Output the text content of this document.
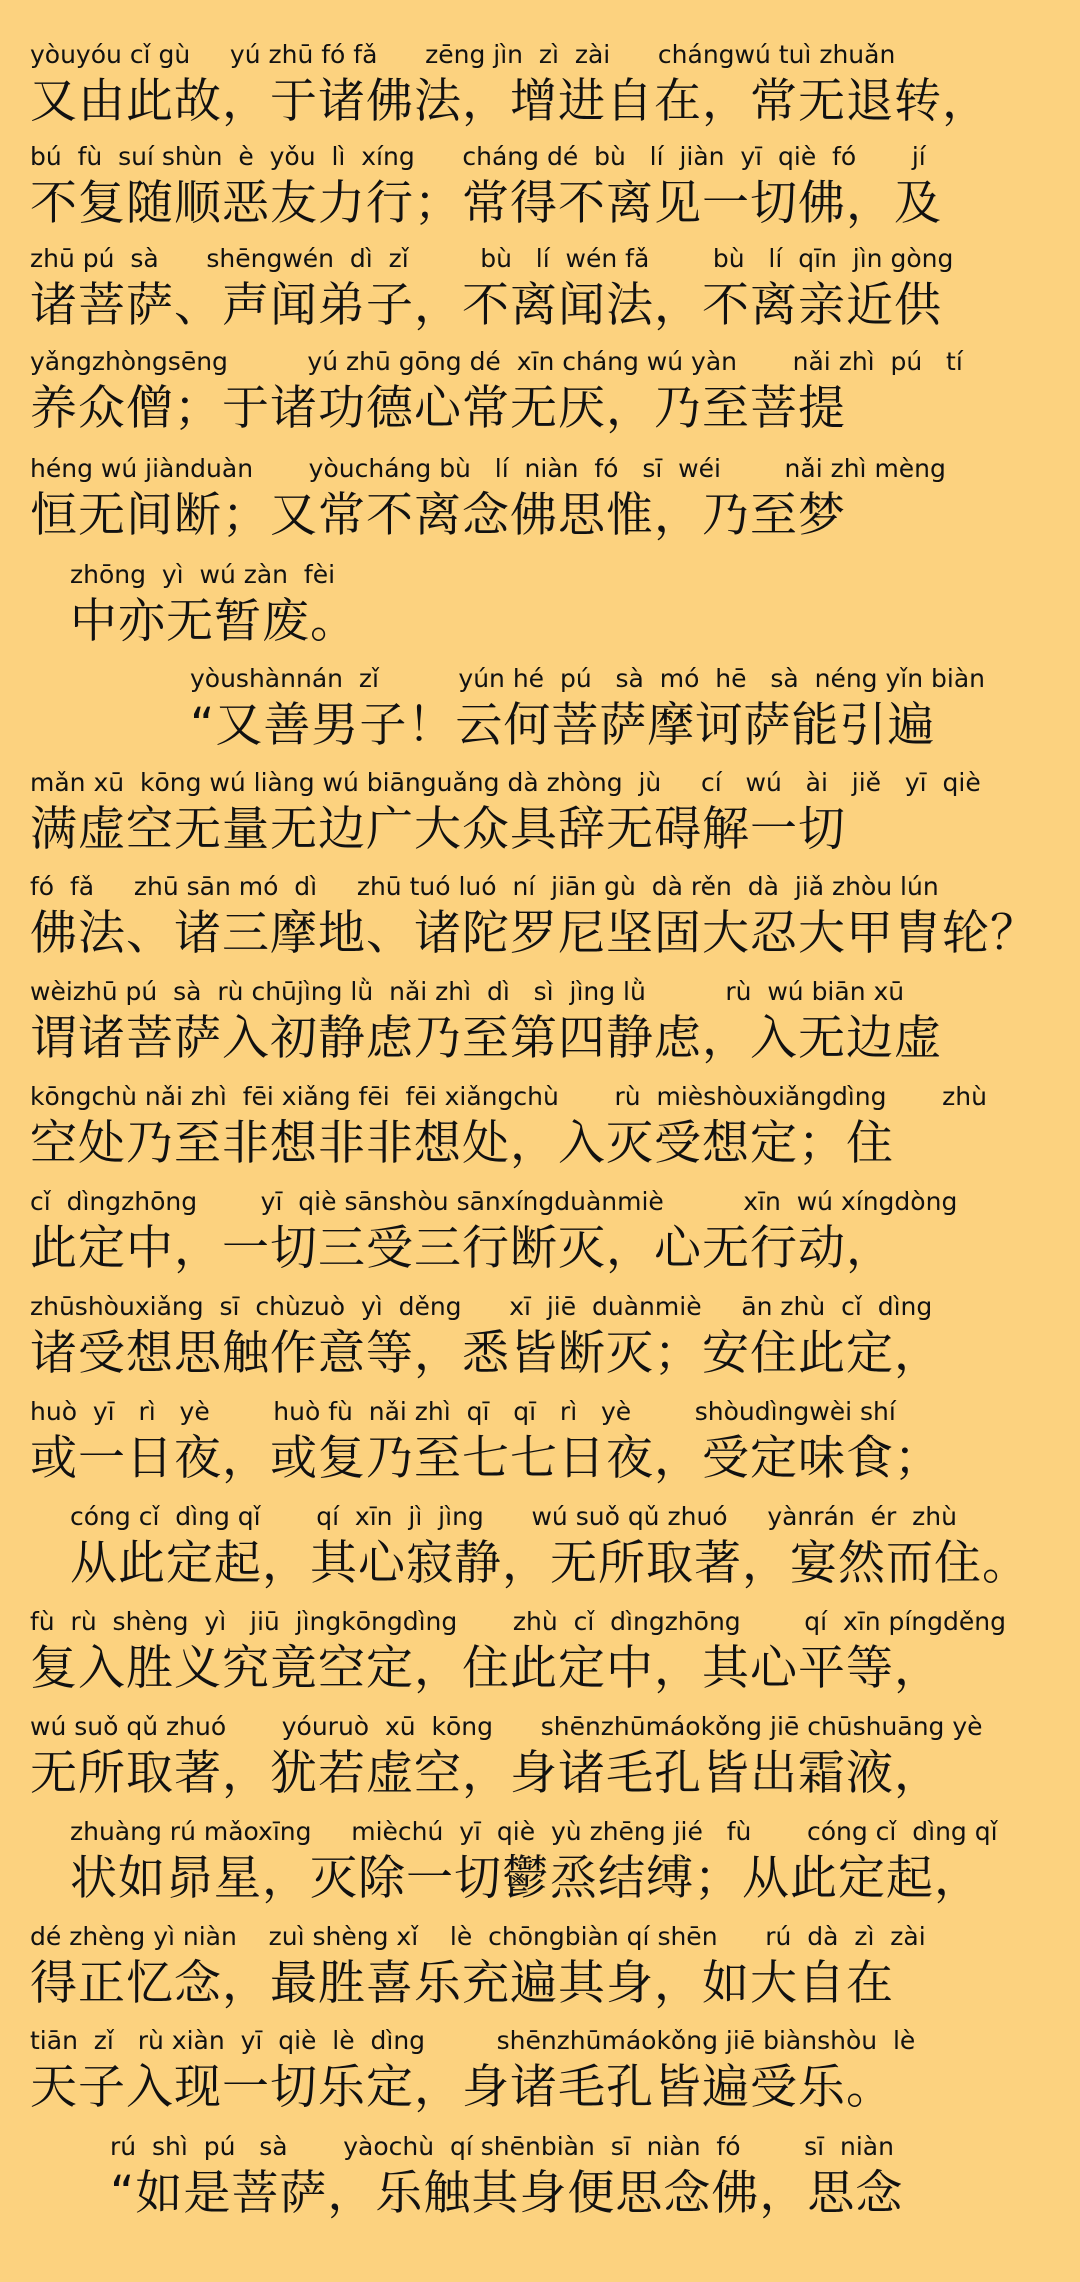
yòuyóu cǐ gù     yú zhū fó fǎ      zēng jìn  zì  zài      chángwú tuì zhuǎn
又由此故，于诸佛法，增进自在，常无退转，
bú  fù  suí shùn  è  yǒu  lì  xíng      cháng dé  bù   lí  jiàn  yī  qiè  fó       jí
不复随顺恶友力行；常得不离见一切佛，及
zhū pú  sà      shēngwén  dì  zǐ         bù   lí  wén fǎ        bù   lí  qīn  jìn gòng
诸菩萨、声闻弟子，不离闻法，不离亲近供
yǎngzhòngsēng          yú zhū gōng dé  xīn cháng wú yàn       nǎi zhì  pú   tí
养众僧；于诸功德心常无厌，乃至菩提
héng wú jiànduàn       yòucháng bù   lí  niàn  fó   sī  wéi        nǎi zhì mèng
恒无间断；又常不离念佛思惟，乃至梦
zhōng  yì  wú zàn  fèi
中亦无暂废。
yòushànnán  zǐ          yún hé  pú   sà  mó  hē   sà  néng yǐn biàn
“又善男子！云何菩萨摩诃萨能引遍
mǎn xū  kōng wú liàng wú biānguǎng dà zhòng  jù     cí   wú   ài   jiě   yī  qiè
满虚空无量无边广大众具辞无碍解一切
fó  fǎ     zhū sān mó  dì     zhū tuó luó  ní  jiān gù  dà rěn  dà  jiǎ zhòu lún
佛法、诸三摩地、诸陀罗尼坚固大忍大甲胄轮？
wèizhū pú  sà  rù chūjìng lǜ  nǎi zhì  dì   sì  jìng lǜ          rù  wú biān xū
谓诸菩萨入初静虑乃至第四静虑，入无边虚
kōngchù nǎi zhì  fēi xiǎng fēi  fēi xiǎngchù       rù  mièshòuxiǎngdìng       zhù
空处乃至非想非非想处，入灭受想定；住
cǐ  dìngzhōng        yī  qiè sānshòu sānxíngduànmiè          xīn  wú xíngdòng
此定中，一切三受三行断灭，心无行动，
zhūshòuxiǎng  sī  chùzuò  yì  děng      xī  jiē  duànmiè     ān zhù  cǐ  dìng
诸受想思触作意等，悉皆断灭；安住此定，
huò  yī   rì   yè        huò fù  nǎi zhì  qī   qī   rì   yè        shòudìngwèi shí
或一日夜，或复乃至七七日夜，受定味食；
cóng cǐ  dìng qǐ       qí  xīn  jì  jìng      wú suǒ qǔ zhuó     yànrán  ér  zhù
从此定起，其心寂静，无所取著，宴然而住。
fù  rù  shèng  yì   jiū  jìngkōngdìng       zhù  cǐ  dìngzhōng        qí  xīn píngděng
复入胜义究竟空定，住此定中，其心平等，
wú suǒ qǔ zhuó       yóuruò  xū  kōng      shēnzhūmáokǒng jiē chūshuāng yè
无所取著，犹若虚空，身诸毛孔皆出霜液，
zhuàng rú mǎoxīng     mièchú  yī  qiè  yù zhēng jié   fù       cóng cǐ  dìng qǐ
状如昴星，灭除一切鬱烝结缚；从此定起，
dé zhèng yì niàn    zuì shèng xǐ    lè  chōngbiàn qí shēn      rú  dà  zì  zài
得正忆念，最胜喜乐充遍其身，如大自在
tiān  zǐ   rù xiàn  yī  qiè  lè  dìng         shēnzhūmáokǒng jiē biànshòu  lè
天子入现一切乐定，身诸毛孔皆遍受乐。
rú  shì  pú   sà       yàochù  qí shēnbiàn  sī  niàn  fó        sī  niàn
“如是菩萨，乐触其身便思念佛，思念
